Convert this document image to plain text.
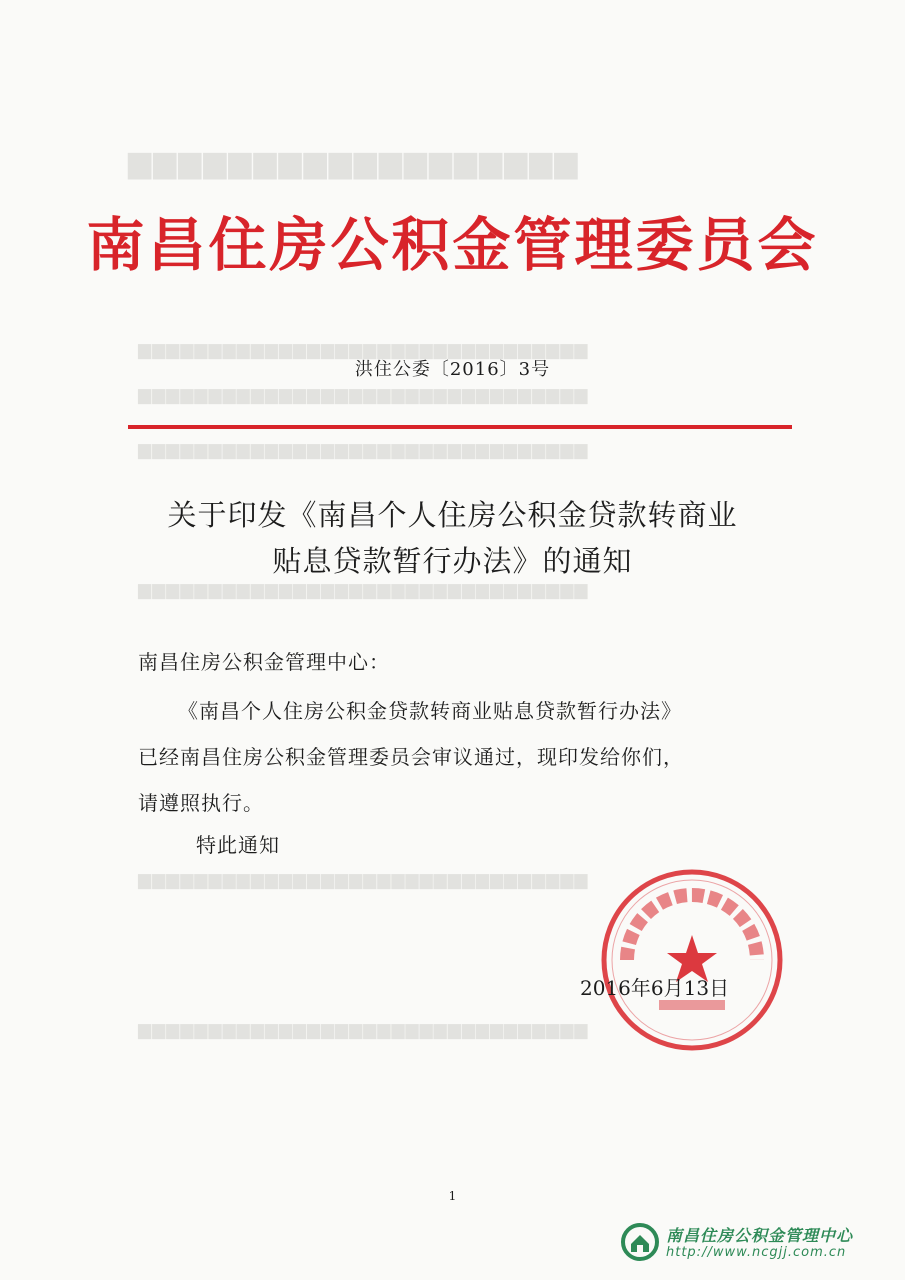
▆▆▆▆▆▆▆▆▆▆▆▆▆▆▆▆▆▆
▆▆▆▆▆▆▆▆▆▆▆▆▆▆▆▆▆▆▆▆▆▆▆▆▆▆▆▆▆▆▆▆
▆▆▆▆▆▆▆▆▆▆▆▆▆▆▆▆▆▆▆▆▆▆▆▆▆▆▆▆▆▆▆▆
▆▆▆▆▆▆▆▆▆▆▆▆▆▆▆▆▆▆▆▆▆▆▆▆▆▆▆▆▆▆▆▆
▆▆▆▆▆▆▆▆▆▆▆▆▆▆▆▆▆▆▆▆▆▆▆▆▆▆▆▆▆▆▆▆
▆▆▆▆▆▆▆▆▆▆▆▆▆▆▆▆▆▆▆▆▆▆▆▆▆▆▆▆▆▆▆▆
▆▆▆▆▆▆▆▆▆▆▆▆▆▆▆▆▆▆▆▆▆▆▆▆▆▆▆▆▆▆▆▆
南昌住房公积金管理委员会
洪住公委〔2016〕3号
关于印发《南昌个人住房公积金贷款转商业
贴息贷款暂行办法》的通知
南昌住房公积金管理中心：
《南昌个人住房公积金贷款转商业贴息贷款暂行办法》
已经南昌住房公积金管理委员会审议通过，现印发给你们，
请遵照执行。
特此通知
2016年6月13日
1
南昌住房公积金管理中心
http://www.ncgjj.com.cn
